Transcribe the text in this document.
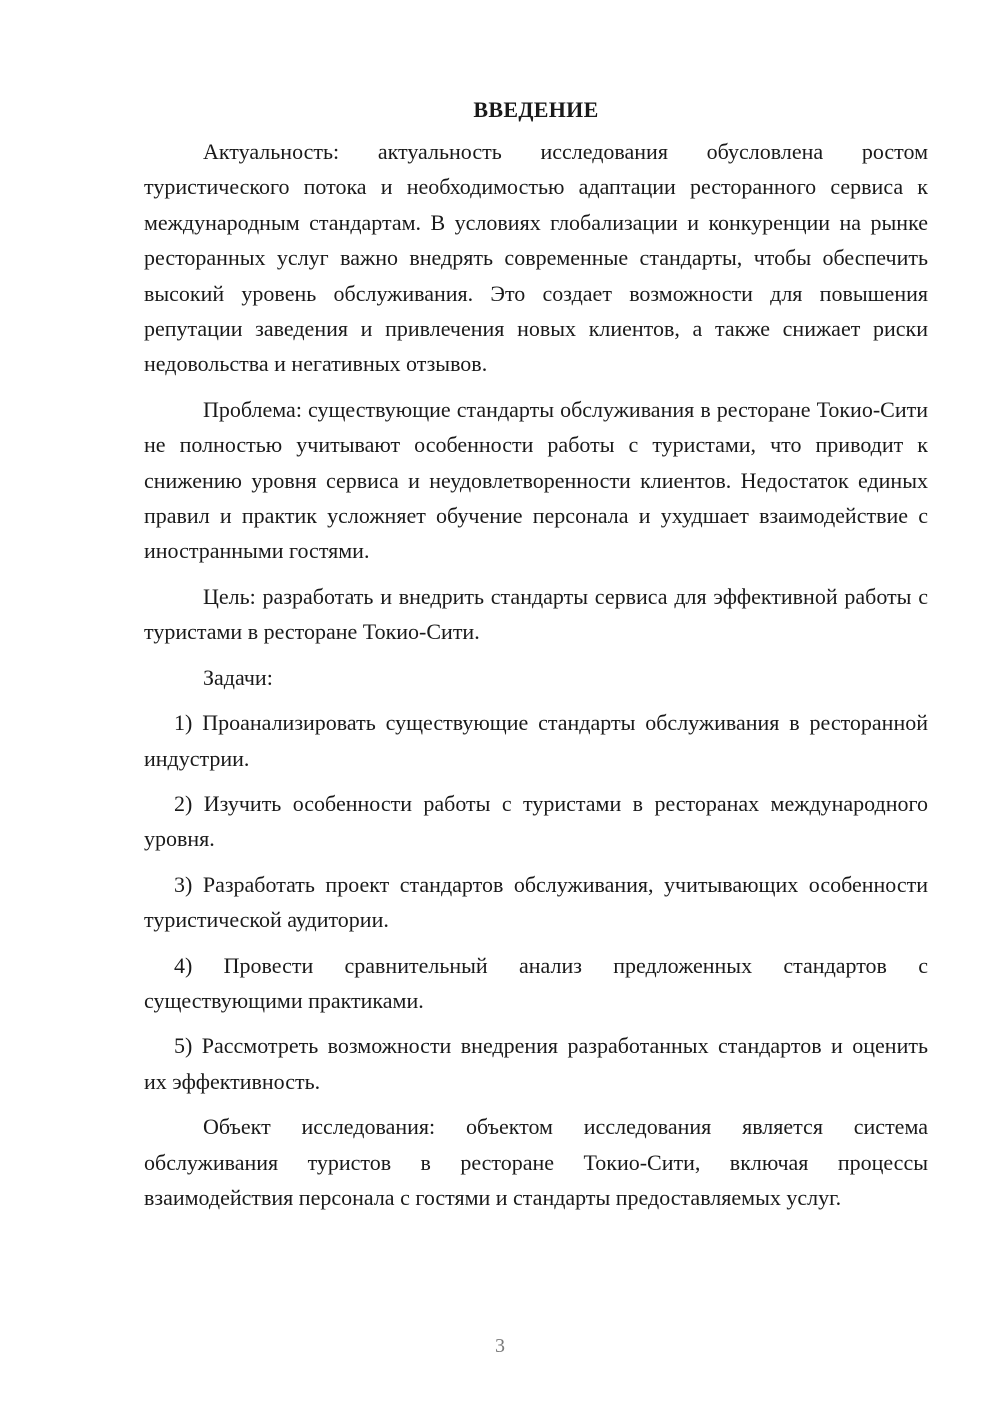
ВВЕДЕНИЕ

Актуальность: актуальность исследования обусловлена ростом туристического потока и необходимостью адаптации ресторанного сервиса к международным стандартам. В условиях глобализации и конкуренции на рынке ресторанных услуг важно внедрять современные стандарты, чтобы обеспечить высокий уровень обслуживания. Это создает возможности для повышения репутации заведения и привлечения новых клиентов, а также снижает риски недовольства и негативных отзывов.

Проблема: существующие стандарты обслуживания в ресторане Токио-Сити не полностью учитывают особенности работы с туристами, что приводит к снижению уровня сервиса и неудовлетворенности клиентов. Недостаток единых правил и практик усложняет обучение персонала и ухудшает взаимодействие с иностранными гостями.

Цель: разработать и внедрить стандарты сервиса для эффективной работы с туристами в ресторане Токио-Сити.

Задачи:

1) Проанализировать существующие стандарты обслуживания в ресторанной индустрии.

2) Изучить особенности работы с туристами в ресторанах международного уровня.

3) Разработать проект стандартов обслуживания, учитывающих особенности туристической аудитории.

4) Провести сравнительный анализ предложенных стандартов с существующими практиками.

5) Рассмотреть возможности внедрения разработанных стандартов и оценить их эффективность.

Объект исследования: объектом исследования является система обслуживания туристов в ресторане Токио-Сити, включая процессы взаимодействия персонала с гостями и стандарты предоставляемых услуг.

3
